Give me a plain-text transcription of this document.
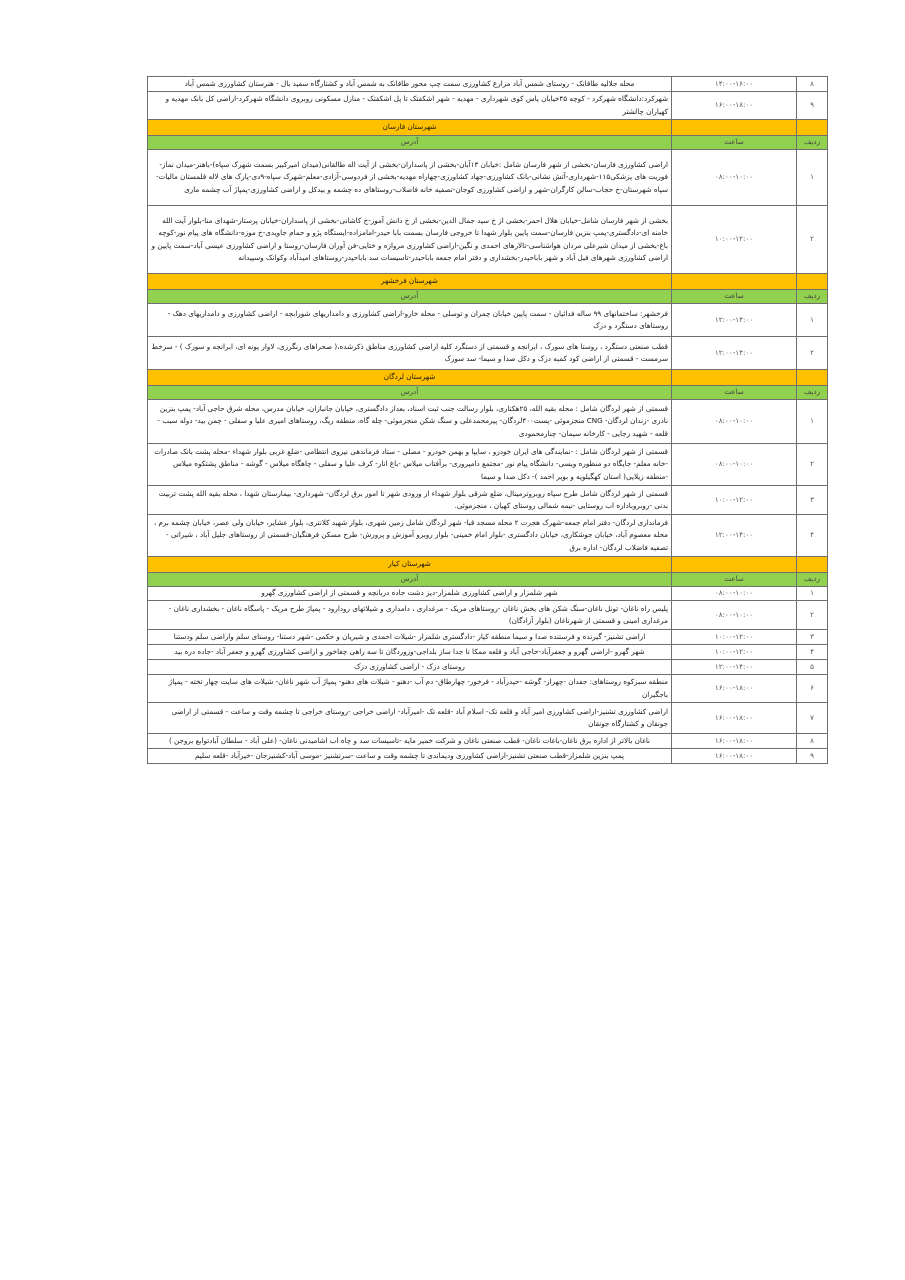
۸	۱۴:۰۰-۱۶:۰۰	محله جلالیه طاقانک - روستای شمس آباد مزارع کشاورزی سمت چپ محور طاقانک به شمس آباد و کشتارگاه سفید بال - هنرستان کشاورزی شمس آباد
۹	۱۶:۰۰-۱۸:۰۰	شهرکرد:دانشگاه شهرکرد - کوچه ۴۵خیابان یاس کوی شهرداری - مهدیه - شهر اشکفتک تا پل اشکفتک - منازل مسکونی روبروی دانشگاه شهرکرد-اراضی کل بانک مهدیه و کهیاران چالشتر
		شهرستان فارسان
ردیف	ساعت	آدرس
۱	۰۸:۰۰-۱۰:۰۰	اراضی کشاورزی فارسان-بخشی از شهر فارسان شامل :خیابان ۱۳آبان-بخشی از پاسداران-بخشی از آیت اله طالقانی(میدان امیرکبیر بسمت شهرک سپاه)-باهنر-میدان نماز-فوریت های پزشکی۱۱۵-شهرداری-آتش نشانی-بانک کشاورزی-جهاد کشاورزی-چهاراه مهدیه-بخشی از فردوسی-آزادی-معلم-شهرک سپاه-۹دی-پارک های لاله قلمستان مالیات-سپاه شهرستان-خ حجاب-سالن کارگران-شهر و اراضی کشاورزی کوجان-تصفیه خانه فاضلاب-روستاهای ده چشمه و بیدکل و اراضی کشاورزی-پمپاژ آب چشمه ماری
۲	۱۰:۰۰-۱۲:۰۰	بخشی از شهر فارسان شامل-خیابان هلال احمر-بخشی از خ سید جمال الدین-بخشی از خ دانش آموز-خ کاشانی-بخشی از پاسداران-خیابان پرستار-شهدای منا-بلوار آیت الله خامنه ای-دادگستری-پمپ بنزین فارسان-سمت پایین بلوار شهدا تا خروجی فارسان بسمت بابا حیدر-امامزاده-ایستگاه پژو و حمام جاویدی-خ موزه-دانشگاه های پیام نور-کوچه باغ-بخشی از میدان شیرعلی مردان هواشناسی-تالارهای احمدی و نگین-اراضی کشاورزی مروازه و ختایی-فن آوران فارسان-روستا و اراضی کشاورزی عیسی آباد-سمت پایین و اراضی کشاورزی شهرهای فیل آباد و شهر باباحیدر-بخشداری و دفتر امام جمعه باباحیدر-تاسیسات سد باباحیدر-روستاهای امیدآباد وکوانک وسپیدانه
		شهرستان فرخشهر
ردیف	ساعت	آدرس
۱	۱۲:۰۰-۱۴:۰۰	فرخشهر: ساختمانهای ۹۹ ساله فدائیان - سمت پایین خیابان چمران و توسلی - محله خارو-اراضی کشاورزی و دامداریهای شورابجه - اراضی کشاورزی و دامداریهای دهک - روستاهای دستگرد و دزک
۲	۱۲:۰۰-۱۴:۰۰	قطب صنعتی دستگرد ، روستا های سورک ، ابرانجه و قسمتی از دستگرد کلیه اراضی کشاورزی مناطق ذکرشده،( صحراهای رنگرزی، لاوار یونه ای، ابرانجه و سورک ) - سرخط سرمست - قسمتی از اراضی کود کمبه دزک و دکل صدا و سیما- سد سورک
		شهرستان لردگان
ردیف	ساعت	آدرس
۱	۰۸:۰۰-۱۰:۰۰	قسمتی از شهر لردگان شامل : محله بقیه الله، ۲۵هکتاری، بلوار رسالت جنب ثبت اسناد، بعداز دادگستری، خیابان جانبازان، خیابان مدرس، محله شرق حاجی آباد- پمپ بنزین نادری -زندان لردگان- CNG منجزموئی -پست۴۰۰لردگان- پیرمحمدعلی و سنگ شکن منجزموئی- چله گاه، منطقه ریگ، روستاهای امیری علیا و سفلی - چمن بید- دوله سیب - قلعه - شهید رجایی - کارخانه سیمان- چنارمحمودی
۲	۰۸:۰۰-۱۰:۰۰	قسمتی از شهر لردگان شامل : -نمایندگی های ایران خودرو ، سایپا و بهمن خودرو - مصلی - ستاد فرماندهی نیروی انتظامی -ضلع غربی بلوار شهداء -محله پشت بانک صادرات -خانه معلم- جایگاه دو منظوره ویسی- دانشگاه پیام نور -مجتمع دامپروری- برآفتاب میلاس -باغ انار- کرف علیا و سفلی - چاهگاه میلاس - گوشه - مناطق پشتکوه میلاس -منطقه زیلایی( استان کهگیلویه و بویر احمد )- دکل صدا و سیما
۳	۱۰:۰۰-۱۲:۰۰	قسمتی از شهر لردگان شامل طرح سپاه روبروترمینال، ضلع شرقی بلوار شهداء از ورودی شهر تا امور برق لردگان- شهرداری- بیمارستان شهدا ، محله بقیه الله پشت تربیت بدنی -روبروباداره اب روستایی -نیمه شمالی روستای کهیان ، منجزموئی.
۴	۱۲:۰۰-۱۴:۰۰	فرمانداری لردگان- دفتر امام جمعه-شهرک هجرت ۲ محله مسجد قبا- شهر لردگان شامل زمین شهری، بلوار شهید کلانتری، بلوار عشایر، خیابان ولی عصر، خیابان چشمه برم ، محله معصوم آباد، خیابان جوشکاری، خیابان دادگستری -بلوار امام خمینی- بلوار روبرو آموزش و پرورش- طرح مسکن فرهنگیان-قسمتی از روستاهای جلیل آباد ، شیراتی - تصفیه فاضلاب لردگان- اداره برق
		شهرستان کیار
ردیف	ساعت	آدرس
۱	۰۸:۰۰-۱۰:۰۰	شهر شلمزار و اراضی کشاورزی شلمزار-دیز دشت جاده دربانچه و قسمتی از اراضی کشاورزی گهرو
۲	۰۸:۰۰-۱۰:۰۰	پلیس راه ناغان- تونل ناغان-سنگ شکن های بخش ناغان -روستاهای مریک - مرغداری ، دامداری و شیلاتهای رودارود - پمپاژ طرح مریک - پاسگاه ناغان - بخشداری ناغان - مرغداری امینی و قسمتی از شهرناغان (بلوار آزادگان)
۳	۱۰:۰۰-۱۲:۰۰	اراضی تشنیز- گیرنده و فرستنده صدا و سیما منطقه کیار -دادگستری شلمزار -شیلات احمدی و شیریان و حکمی -شهر دستنا- روستای سلم واراضی سلم ودستنا
۴	۱۰:۰۰-۱۲:۰۰	شهر گهرو -اراضی گهرو و جعفرآباد-حاجی آباد و قلعه ممکا تا جدا ساز بلداجی-وزوردگان تا سه راهی چغاخور و اراضی کشاورزی گهرو و جعفر آباد -جاده دره بید
۵	۱۲:۰۰-۱۴:۰۰	روستای دزک - اراضی کشاورزی دزک
۶	۱۶:۰۰-۱۸:۰۰	منطقه سبزکوه روستاهای: جفدان -چهراز- گوشه -حیدرآباد - فرخور- چهارطاق- دم آب -دهنو - شیلات های دهنو- پمپاژ آب شهر ناغان- شیلات های سایت چهار تخته - پمپاژ باجگیران
۷	۱۶:۰۰-۱۸:۰۰	اراضی کشاورزی تشنیز-اراضی کشاورزی امیر آباد و قلعه تک- اسلام آباد -قلعه تک -امیرآباد- اراضی خراجی -روستای خراجی تا چشمه وقت و ساعت - قسمتی از اراضی جونقان و کشتارگاه جونقان
۸	۱۶:۰۰-۱۸:۰۰	ناغان بالاتر از اداره برق ناغان-باغات ناغان- قطب صنعتی ناغان و شرکت خمیر مایه -تاسیسات سد و چاه اب اشامیدنی ناغان- (علی آباد - سلطان آبادتوابع بروجن )
۹	۱۶:۰۰-۱۸:۰۰	پمپ بنزین شلمزار-قطب صنعتی تشنیز-اراضی کشاورزی ودیماندی تا چشمه وقت و ساعت -سرتشنیز -موسی آباد-کشنیزجان -خیرآباد -قلعه سلیم
